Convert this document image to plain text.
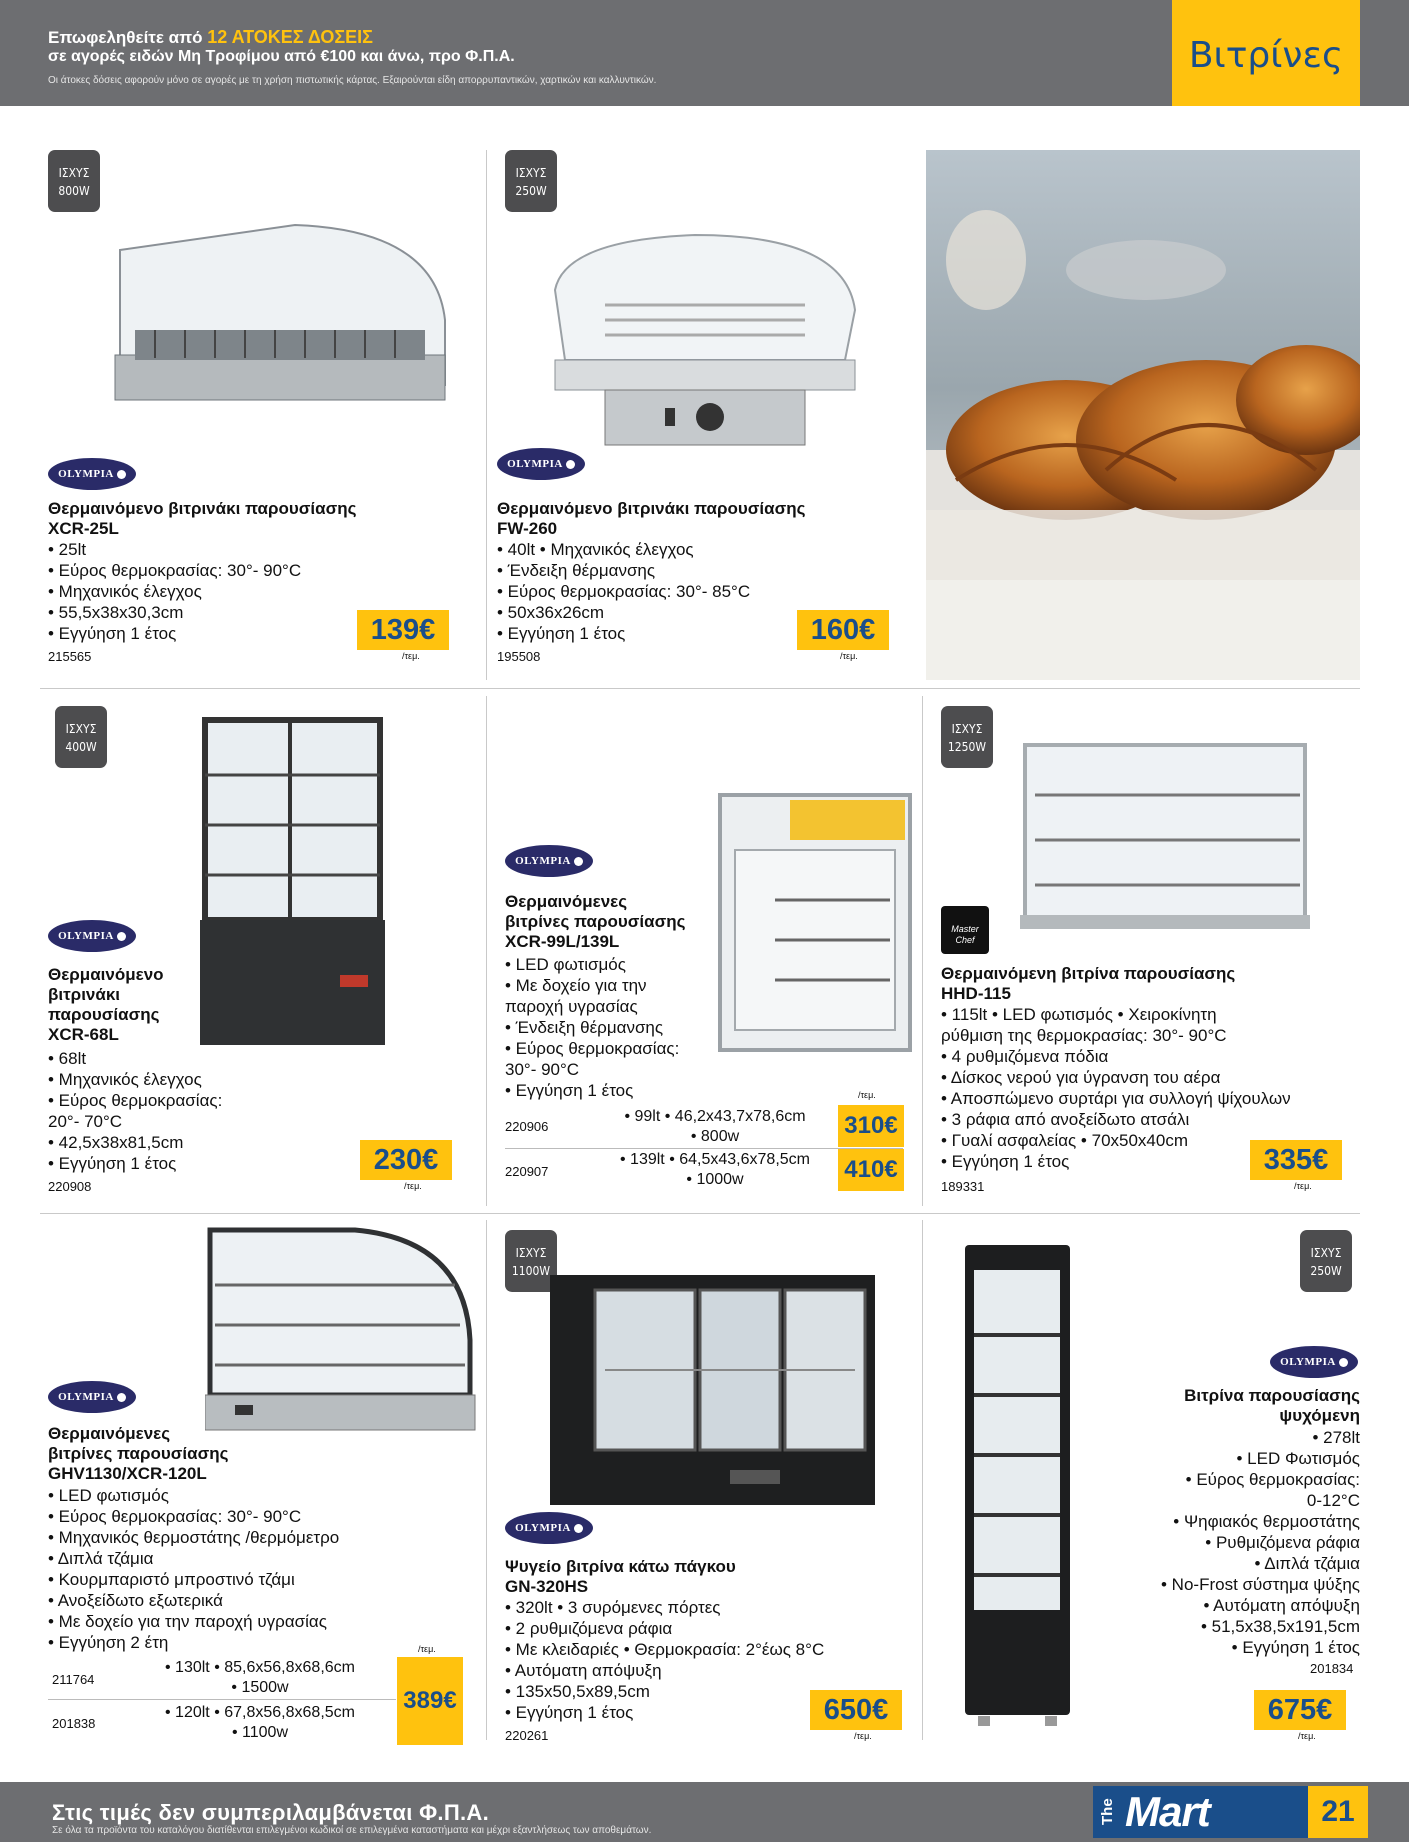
Επωφεληθείτε από 12 ΑΤΟΚΕΣ ΔΟΣΕΙΣ
σε αγορές ειδών Μη Τροφίμου από €100 και άνω, προ Φ.Π.Α.
Οι άτοκες δόσεις αφορούν μόνο σε αγορές με τη χρήση πιστωτικής κάρτας. Εξαιρούνται είδη απορρυπαντικών, χαρτικών και καλλυντικών.
Βιτρίνες
ΙΣΧΥΣ
800W
OLYMPIA
Θερμαινόμενο βιτρινάκι παρουσίασης
XCR-25L
• 25lt
• Εύρος θερμοκρασίας: 30°- 90°C
• Μηχανικός έλεγχος
• 55,5x38x30,3cm
• Εγγύηση 1 έτος
215565
139€
/τεμ.
ΙΣΧΥΣ
250W
OLYMPIA
Θερμαινόμενο βιτρινάκι παρουσίασης
FW-260
• 40lt • Μηχανικός έλεγχος
• Ένδειξη θέρμανσης
• Εύρος θερμοκρασίας: 30°- 85°C
• 50x36x26cm
• Εγγύηση 1 έτος
195508
160€
/τεμ.
ΙΣΧΥΣ
400W
OLYMPIA
Θερμαινόμενο
βιτρινάκι
παρουσίασης
XCR-68L
• 68lt
• Μηχανικός έλεγχος
• Εύρος θερμοκρασίας:
20°- 70°C
• 42,5x38x81,5cm
• Εγγύηση 1 έτος
220908
230€
/τεμ.
OLYMPIA
Θερμαινόμενες
βιτρίνες παρουσίασης
XCR-99L/139L
• LED φωτισμός
• Με δοχείο για την
παροχή υγρασίας
• Ένδειξη θέρμανσης
• Εύρος θερμοκρασίας:
30°- 90°C
• Εγγύηση 1 έτος	/τεμ.
220906
• 99lt • 46,2x43,7x78,6cm
• 800w	310€
220907
• 139lt • 64,5x43,6x78,5cm
• 1000w	410€
ΙΣΧΥΣ
1250W
Master Chef
Θερμαινόμενη βιτρίνα παρουσίασης
HHD-115
• 115lt • LED φωτισμός • Χειροκίνητη
ρύθμιση της θερμοκρασίας: 30°- 90°C
• 4 ρυθμιζόμενα πόδια
• Δίσκος νερού για ύγρανση του αέρα
• Αποσπώμενο συρτάρι για συλλογή ψίχουλων
• 3 ράφια από ανοξείδωτο ατσάλι
• Γυαλί ασφαλείας • 70x50x40cm
• Εγγύηση 1 έτος
189331
335€
/τεμ.
OLYMPIA
Θερμαινόμενες
βιτρίνες παρουσίασης
GHV1130/XCR-120L
• LED φωτισμός
• Εύρος θερμοκρασίας: 30°- 90°C
• Μηχανικός θερμοστάτης /θερμόμετρο
• Διπλά τζάμια
• Κουρμπαριστό μπροστινό τζάμι
• Ανοξείδωτο εξωτερικά
• Με δοχείο για την παροχή υγρασίας
• Εγγύηση 2 έτη	/τεμ.
211764
• 130lt • 85,6x56,8x68,6cm
• 1500w
201838
• 120lt • 67,8x56,8x68,5cm
• 1100w
389€
ΙΣΧΥΣ
1100W
OLYMPIA
Ψυγείο βιτρίνα κάτω πάγκου
GN-320HS
• 320lt • 3 συρόμενες πόρτες
• 2 ρυθμιζόμενα ράφια
• Με κλειδαριές • Θερμοκρασία: 2°έως 8°C
• Αυτόματη απόψυξη
• 135x50,5x89,5cm
• Εγγύηση 1 έτος
220261
650€
/τεμ.
ΙΣΧΥΣ
250W
OLYMPIA
Βιτρίνα παρουσίασης
ψυχόμενη
• 278lt
• LED Φωτισμός
• Εύρος θερμοκρασίας:
0-12°C
• Ψηφιακός θερμοστάτης
• Ρυθμιζόμενα ράφια
• Διπλά τζάμια
• No-Frost σύστημα ψύξης
• Αυτόματη απόψυξη
• 51,5x38,5x191,5cm
• Εγγύηση 1 έτος
201834
675€
/τεμ.
Στις τιμές δεν συμπεριλαμβάνεται Φ.Π.Α.
Σε όλα τα προϊόντα του καταλόγου διατίθενται επιλεγμένοι κωδικοί σε επιλεγμένα καταστήματα και μέχρι εξαντλήσεως των αποθεμάτων.
The Mart	21
